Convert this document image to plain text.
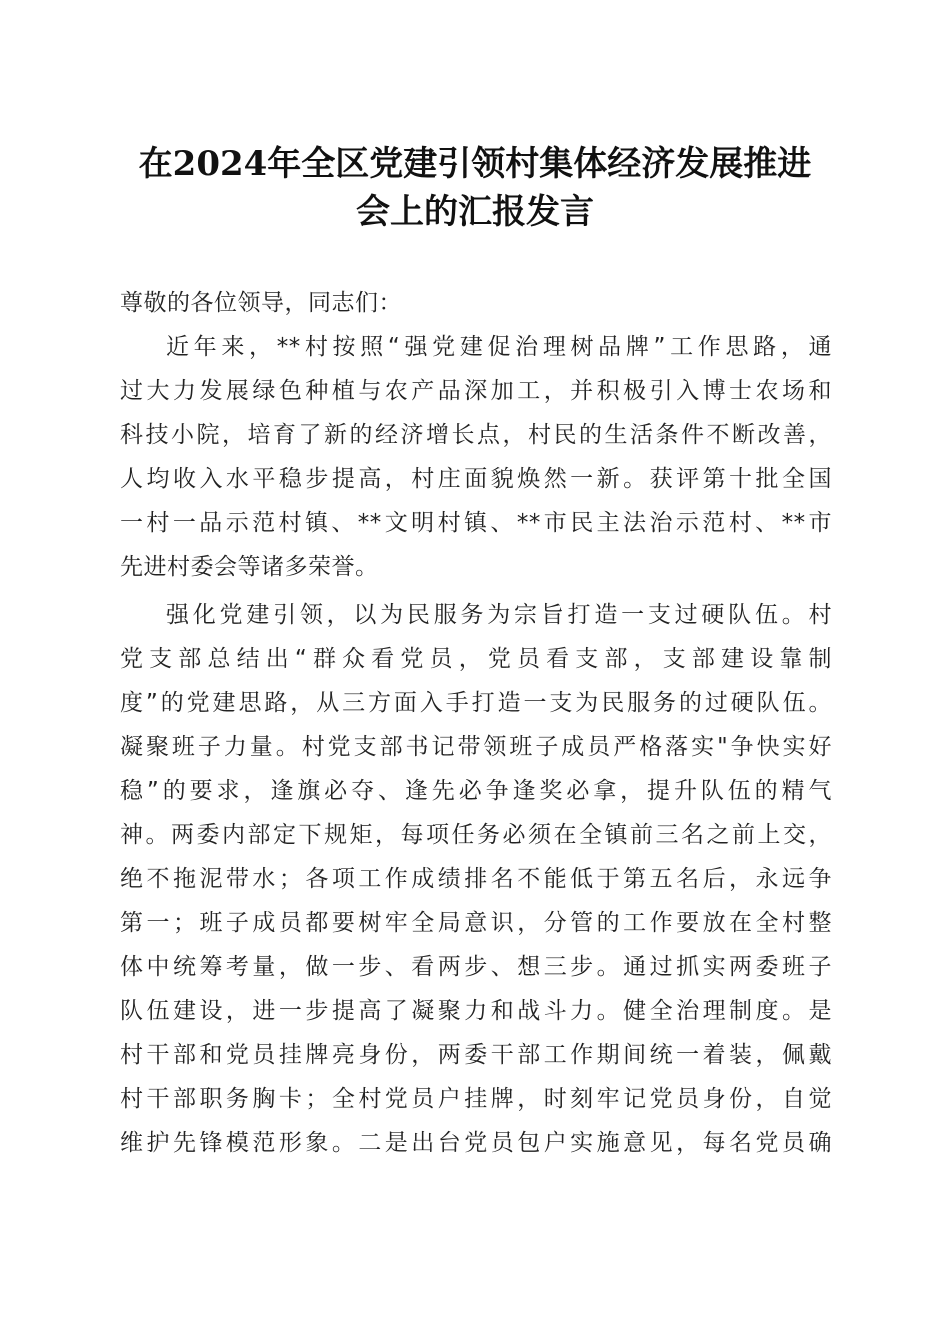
在2024年全区党建引领村集体经济发展推进
会上的汇报发言
尊敬的各位领导，同志们：
近年来，**村按照“强党建促治理树品牌”工作思路，通
过大力发展绿色种植与农产品深加工，并积极引入博士农场和
科技小院，培育了新的经济增长点，村民的生活条件不断改善，
人均收入水平稳步提高，村庄面貌焕然一新。获评第十批全国
一村一品示范村镇、**文明村镇、**市民主法治示范村、**市
先进村委会等诸多荣誉。
强化党建引领，以为民服务为宗旨打造一支过硬队伍。村
党支部总结出“群众看党员，党员看支部，支部建设靠制
度”的党建思路，从三方面入手打造一支为民服务的过硬队伍。
凝聚班子力量。村党支部书记带领班子成员严格落实"争快实好
稳”的要求，逢旗必夺、逢先必争逢奖必拿，提升队伍的精气
神。两委内部定下规矩，每项任务必须在全镇前三名之前上交，
绝不拖泥带水；各项工作成绩排名不能低于第五名后，永远争
第一；班子成员都要树牢全局意识，分管的工作要放在全村整
体中统筹考量，做一步、看两步、想三步。通过抓实两委班子
队伍建设，进一步提高了凝聚力和战斗力。健全治理制度。是
村干部和党员挂牌亮身份，两委干部工作期间统一着装，佩戴
村干部职务胸卡；全村党员户挂牌，时刻牢记党员身份，自觉
维护先锋模范形象。二是出台党员包户实施意见，每名党员确
